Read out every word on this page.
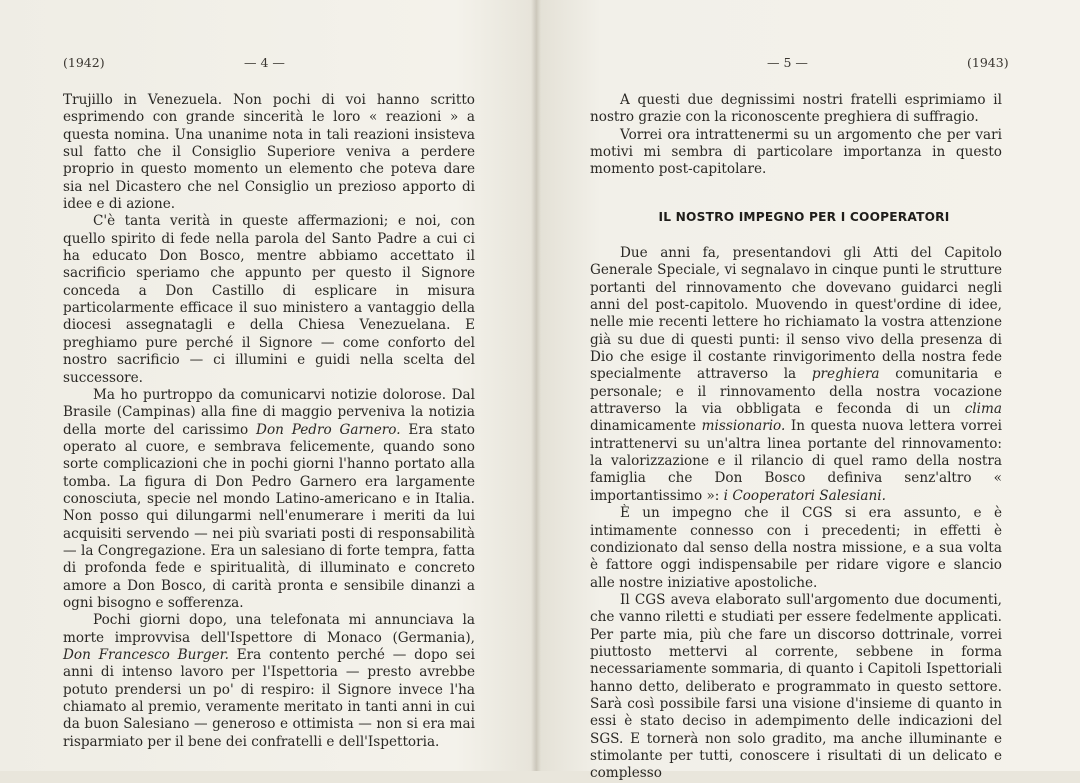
(1942)	— 4 —

Trujillo in Venezuela. Non pochi di voi hanno scritto esprimendo con grande sincerità le loro « reazioni » a questa nomina. Una unanime nota in tali reazioni insisteva sul fatto che il Consiglio Superiore veniva a perdere proprio in questo momento un elemento che poteva dare sia nel Dicastero che nel Consiglio un prezioso apporto di idee e di azione.

C'è tanta verità in queste affermazioni; e noi, con quello spirito di fede nella parola del Santo Padre a cui ci ha educato Don Bosco, mentre abbiamo accettato il sacrificio speriamo che appunto per questo il Signore conceda a Don Castillo di esplicare in misura particolarmente efficace il suo ministero a vantaggio della diocesi assegnatagli e della Chiesa Venezuelana. E preghiamo pure perché il Signore — come conforto del nostro sacrificio — ci illumini e guidi nella scelta del successore.

Ma ho purtroppo da comunicarvi notizie dolorose. Dal Brasile (Campinas) alla fine di maggio perveniva la notizia della morte del carissimo Don Pedro Garnero. Era stato operato al cuore, e sembrava felicemente, quando sono sorte complicazioni che in pochi giorni l'hanno portato alla tomba. La figura di Don Pedro Garnero era largamente conosciuta, specie nel mondo Latino-americano e in Italia. Non posso qui dilungarmi nell'enumerare i meriti da lui acquisiti servendo — nei più svariati posti di responsabilità — la Congregazione. Era un salesiano di forte tempra, fatta di profonda fede e spiritualità, di illuminato e concreto amore a Don Bosco, di carità pronta e sensibile dinanzi a ogni bisogno e sofferenza.

Pochi giorni dopo, una telefonata mi annunciava la morte improvvisa dell'Ispettore di Monaco (Germania), Don Francesco Burger. Era contento perché — dopo sei anni di intenso lavoro per l'Ispettoria — presto avrebbe potuto prendersi un po' di respiro: il Signore invece l'ha chiamato al premio, veramente meritato in tanti anni in cui da buon Salesiano — generoso e ottimista — non si era mai risparmiato per il bene dei confratelli e dell'Ispettoria.

— 5 —	(1943)

A questi due degnissimi nostri fratelli esprimiamo il nostro grazie con la riconoscente preghiera di suffragio.

Vorrei ora intrattenermi su un argomento che per vari motivi mi sembra di particolare importanza in questo momento post-capitolare.

IL NOSTRO IMPEGNO PER I COOPERATORI

Due anni fa, presentandovi gli Atti del Capitolo Generale Speciale, vi segnalavo in cinque punti le strutture portanti del rinnovamento che dovevano guidarci negli anni del post-capitolo. Muovendo in quest'ordine di idee, nelle mie recenti lettere ho richiamato la vostra attenzione già su due di questi punti: il senso vivo della presenza di Dio che esige il costante rinvigorimento della nostra fede specialmente attraverso la preghiera comunitaria e personale; e il rinnovamento della nostra vocazione attraverso la via obbligata e feconda di un clima dinamicamente missionario. In questa nuova lettera vorrei intrattenervi su un'altra linea portante del rinnovamento: la valorizzazione e il rilancio di quel ramo della nostra famiglia che Don Bosco definiva senz'altro « importantissimo »: i Cooperatori Salesiani.

È un impegno che il CGS si era assunto, e è intimamente connesso con i precedenti; in effetti è condizionato dal senso della nostra missione, e a sua volta è fattore oggi indispensabile per ridare vigore e slancio alle nostre iniziative apostoliche.

Il CGS aveva elaborato sull'argomento due documenti, che vanno riletti e studiati per essere fedelmente applicati. Per parte mia, più che fare un discorso dottrinale, vorrei piuttosto mettervi al corrente, sebbene in forma necessariamente sommaria, di quanto i Capitoli Ispettoriali hanno detto, deliberato e programmato in questo settore. Sarà così possibile farsi una visione d'insieme di quanto in essi è stato deciso in adempimento delle indicazioni del SGS. E tornerà non solo gradito, ma anche illuminante e stimolante per tutti, conoscere i risultati di un delicato e complesso
